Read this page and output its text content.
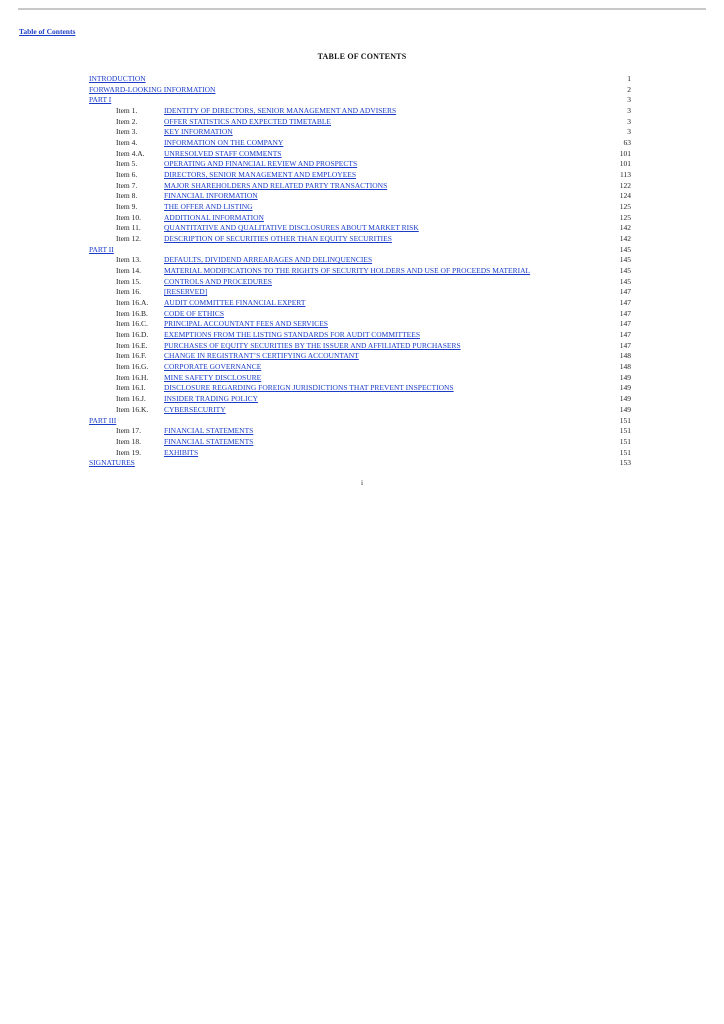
Table of Contents
TABLE OF CONTENTS
INTRODUCTION	1
FORWARD-LOOKING INFORMATION	2
PART I	3
Item 1.	IDENTITY OF DIRECTORS, SENIOR MANAGEMENT AND ADVISERS	3
Item 2.	OFFER STATISTICS AND EXPECTED TIMETABLE	3
Item 3.	KEY INFORMATION	3
Item 4.	INFORMATION ON THE COMPANY	63
Item 4.A.	UNRESOLVED STAFF COMMENTS	101
Item 5.	OPERATING AND FINANCIAL REVIEW AND PROSPECTS	101
Item 6.	DIRECTORS, SENIOR MANAGEMENT AND EMPLOYEES	113
Item 7.	MAJOR SHAREHOLDERS AND RELATED PARTY TRANSACTIONS	122
Item 8.	FINANCIAL INFORMATION	124
Item 9.	THE OFFER AND LISTING	125
Item 10.	ADDITIONAL INFORMATION	125
Item 11.	QUANTITATIVE AND QUALITATIVE DISCLOSURES ABOUT MARKET RISK	142
Item 12.	DESCRIPTION OF SECURITIES OTHER THAN EQUITY SECURITIES	142
PART II	145
Item 13.	DEFAULTS, DIVIDEND ARREARAGES AND DELINQUENCIES	145
Item 14.	MATERIAL MODIFICATIONS TO THE RIGHTS OF SECURITY HOLDERS AND USE OF PROCEEDS MATERIAL	145
Item 15.	CONTROLS AND PROCEDURES	145
Item 16.	[RESERVED]	147
Item 16.A. AUDIT COMMITTEE FINANCIAL EXPERT	147
Item 16.B. CODE OF ETHICS	147
Item 16.C. PRINCIPAL ACCOUNTANT FEES AND SERVICES	147
Item 16.D. EXEMPTIONS FROM THE LISTING STANDARDS FOR AUDIT COMMITTEES	147
Item 16.E. PURCHASES OF EQUITY SECURITIES BY THE ISSUER AND AFFILIATED PURCHASERS	147
Item 16.F. CHANGE IN REGISTRANT’S CERTIFYING ACCOUNTANT	148
Item 16.G. CORPORATE GOVERNANCE	148
Item 16.H. MINE SAFETY DISCLOSURE	149
Item 16.I. DISCLOSURE REGARDING FOREIGN JURISDICTIONS THAT PREVENT INSPECTIONS	149
Item 16.J. INSIDER TRADING POLICY	149
Item 16.K. CYBERSECURITY	149
PART III	151
Item 17.	FINANCIAL STATEMENTS	151
Item 18.	FINANCIAL STATEMENTS	151
Item 19.	EXHIBITS	151
SIGNATURES	153
i
